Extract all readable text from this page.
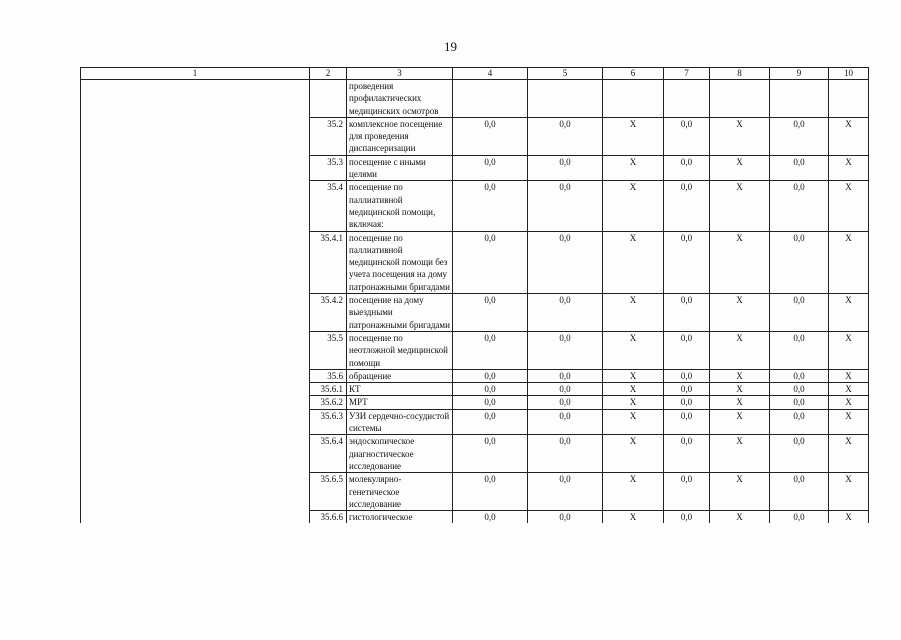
19
1	2	3	4	5	6	7	8	9	10
		проведения профилактических медицинских осмотров							
	35.2	комплексное посещение для проведения диспансеризации	0,0	0,0	X	0,0	X	0,0	X
	35.3	посещение с иными целями	0,0	0,0	X	0,0	X	0,0	X
	35.4	посещение по паллиативной медицинской помощи, включая:	0,0	0,0	X	0,0	X	0,0	X
	35.4.1	посещение по паллиативной медицинской помощи без учета посещения на дому патронажными бригадами	0,0	0,0	X	0,0	X	0,0	X
	35.4.2	посещение на дому выездными патронажными бригадами	0,0	0,0	X	0,0	X	0,0	X
	35.5	посещение по неотложной медицинской помощи	0,0	0,0	X	0,0	X	0,0	X
	35.6	обращение	0,0	0,0	X	0,0	X	0,0	X
	35.6.1	КТ	0,0	0,0	X	0,0	X	0,0	X
	35.6.2	МРТ	0,0	0,0	X	0,0	X	0,0	X
	35.6.3	УЗИ сердечно-сосудистой системы	0,0	0,0	X	0,0	X	0,0	X
	35.6.4	эндоскопическое диагностическое исследование	0,0	0,0	X	0,0	X	0,0	X
	35.6.5	молекулярно-генетическое исследование	0,0	0,0	X	0,0	X	0,0	X
	35.6.6	гистологическое	0,0	0,0	X	0,0	X	0,0	X
